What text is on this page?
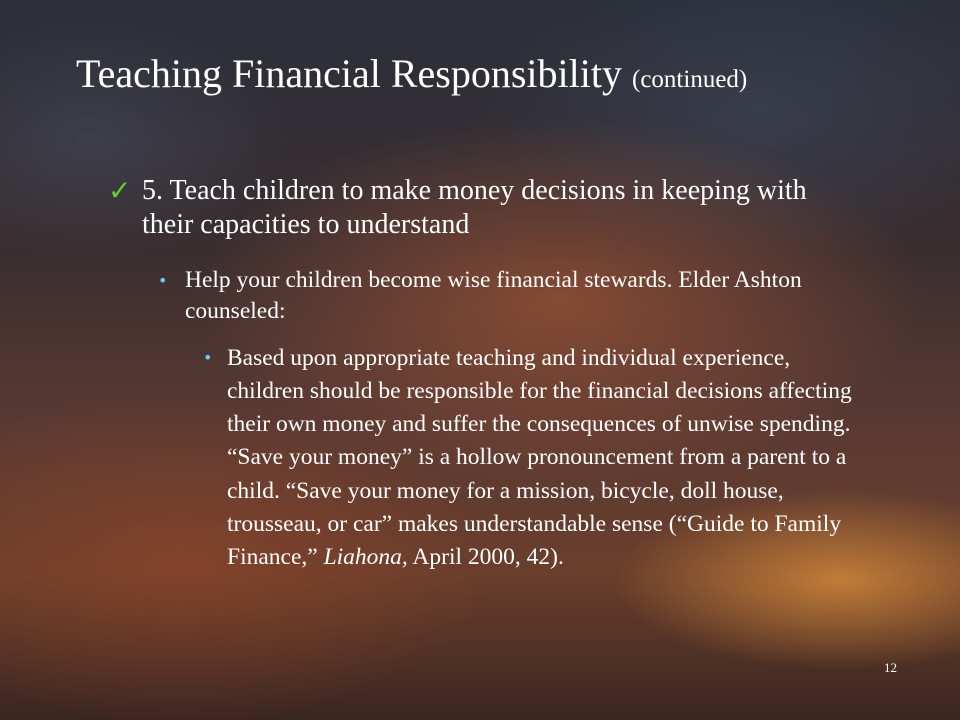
Teaching Financial Responsibility (continued)
✓ 5. Teach children to make money decisions in keeping with their capacities to understand
• Help your children become wise financial stewards. Elder Ashton counseled:
• Based upon appropriate teaching and individual experience, children should be responsible for the financial decisions affecting their own money and suffer the consequences of unwise spending. “Save your money” is a hollow pronouncement from a parent to a child. “Save your money for a mission, bicycle, doll house, trousseau, or car” makes understandable sense (“Guide to Family Finance,” Liahona, April 2000, 42).
12
